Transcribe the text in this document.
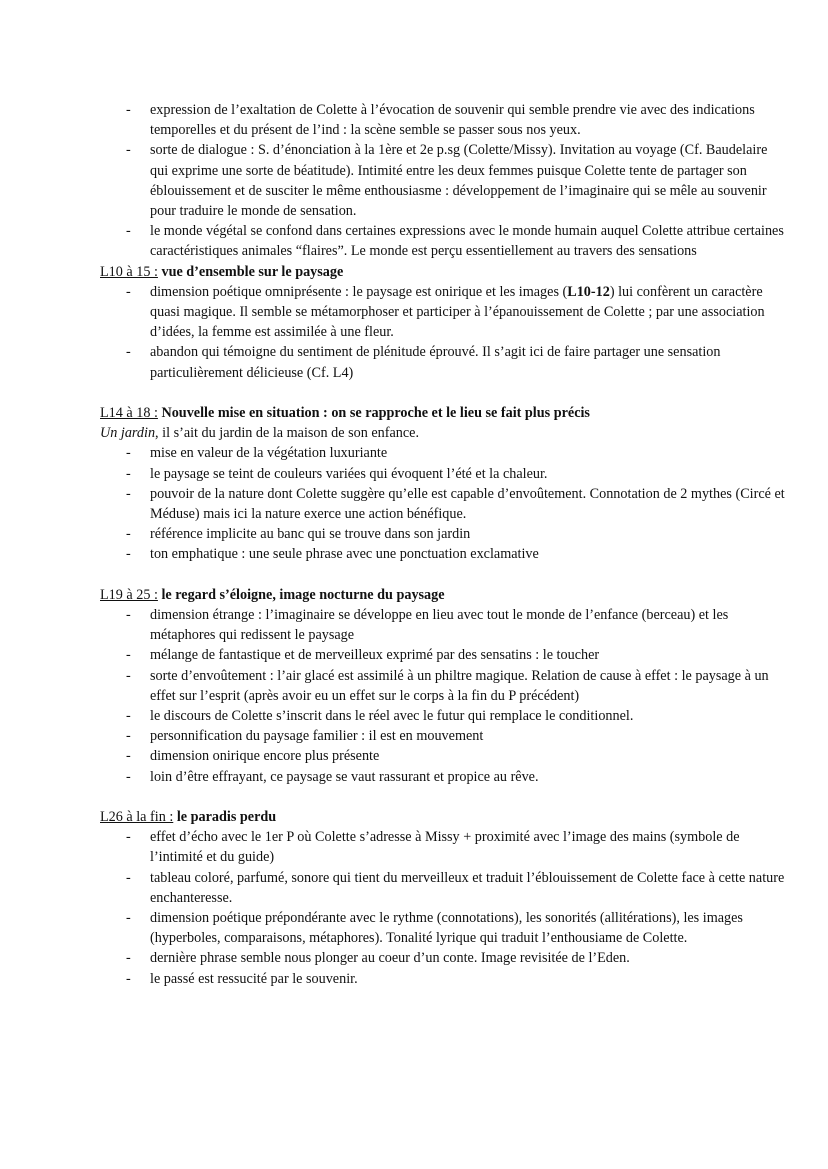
- expression de l’exaltation de Colette à l’évocation de souvenir qui semble prendre vie avec des indications temporelles et du présent de l’ind : la scène semble se passer sous nos yeux.
- sorte de dialogue : S. d’énonciation à la 1ère et 2e p.sg (Colette/Missy). Invitation au voyage (Cf. Baudelaire qui exprime une sorte de béatitude). Intimité entre les deux femmes puisque Colette tente de partager son éblouissement et de susciter le même enthousiasme : développement de l’imaginaire qui se mêle au souvenir pour traduire le monde de sensation.
- le monde végétal se confond dans certaines expressions avec le monde humain auquel Colette attribue certaines caractéristiques animales “flaires”. Le monde est perçu essentiellement au travers des sensations
L10 à 15 : vue d’ensemble sur le paysage
- dimension poétique omniprésente : le paysage est onirique et les images (L10-12) lui confèrent un caractère quasi magique. Il semble se métamorphoser et participer à l’épanouissement de Colette ; par une association d’idées, la femme est assimilée à une fleur.
- abandon qui témoigne du sentiment de plénitude éprouvé. Il s’agit ici de faire partager une sensation particulièrement délicieuse (Cf. L4)
L14 à 18 : Nouvelle mise en situation : on se rapproche et le lieu se fait plus précis
Un jardin, il s’ait du jardin de la maison de son enfance.
- mise en valeur de la végétation luxuriante
- le paysage se teint de couleurs variées qui évoquent l’été et la chaleur.
- pouvoir de la nature dont Colette suggère qu’elle est capable d’envoûtement. Connotation de 2 mythes (Circé et Méduse) mais ici la nature exerce une action bénéfique.
- référence implicite au banc qui se trouve dans son jardin
- ton emphatique : une seule phrase avec une ponctuation exclamative
L19 à 25 : le regard s’éloigne, image nocturne du paysage
- dimension étrange : l’imaginaire se développe en lieu avec tout le monde de l’enfance (berceau) et les métaphores qui redissent le paysage
- mélange de fantastique et de merveilleux exprimé par des sensatins : le toucher
- sorte d’envoûtement : l’air glacé est assimilé à un philtre magique. Relation de cause à effet : le paysage à un effet sur l’esprit (après avoir eu un effet sur le corps à la fin du P précédent)
- le discours de Colette s’inscrit dans le réel avec le futur qui remplace le conditionnel.
- personnification du paysage familier : il est en mouvement
- dimension onirique encore plus présente
- loin d’être effrayant, ce paysage se vaut rassurant et propice au rêve.
L26 à la fin : le paradis perdu
- effet d’écho avec le 1er P où Colette s’adresse à Missy + proximité avec l’image des mains (symbole de l’intimité et du guide)
- tableau coloré, parfumé, sonore qui tient du merveilleux et traduit l’éblouissement de Colette face à cette nature enchanteresse.
- dimension poétique prépondérante avec le rythme (connotations), les sonorités (allitérations), les images (hyperboles, comparaisons, métaphores). Tonalité lyrique qui traduit l’enthousiame de Colette.
- dernière phrase semble nous plonger au coeur d’un conte. Image revisitée de l’Eden.
- le passé est ressucité par le souvenir.
